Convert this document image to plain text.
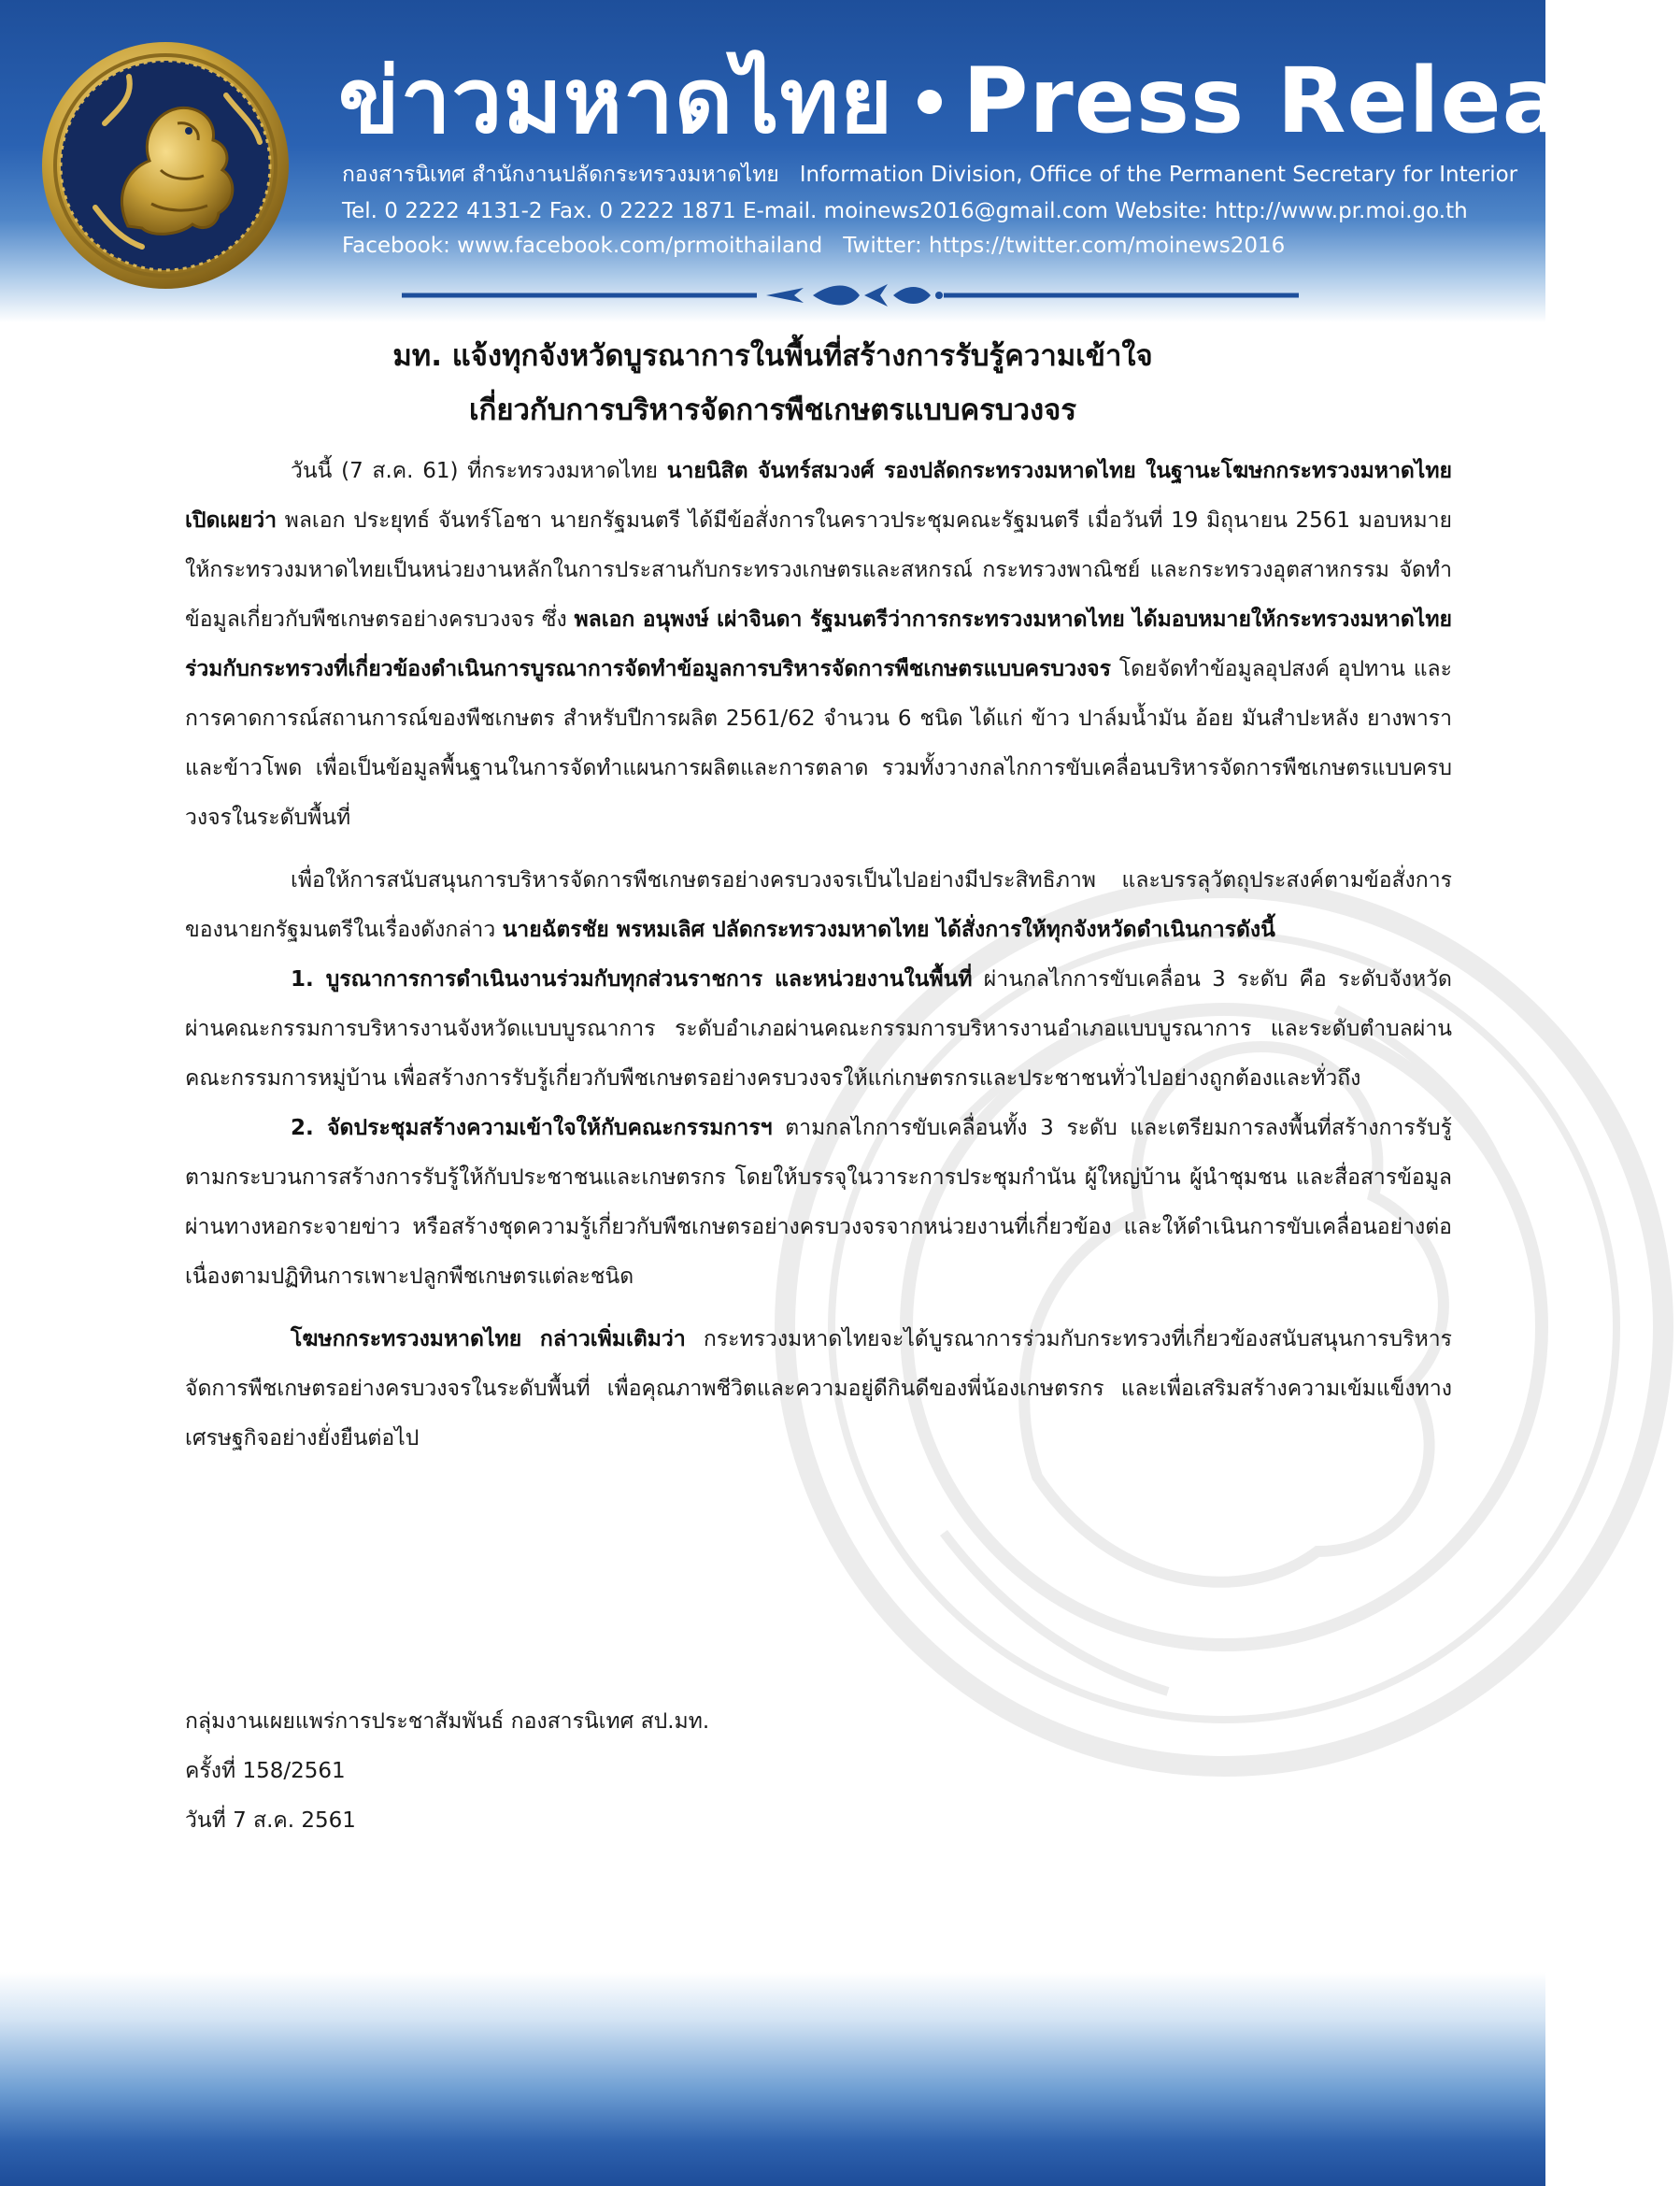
ข่าวมหาดไทย Press Release
กองสารนิเทศ สำนักงานปลัดกระทรวงมหาดไทย Information Division, Office of the Permanent Secretary for Interior
Tel. 0 2222 4131-2 Fax. 0 2222 1871 E-mail. moinews2016@gmail.com Website: http://www.pr.moi.go.th
Facebook: www.facebook.com/prmoithailand Twitter: https://twitter.com/moinews2016
มท. แจ้งทุกจังหวัดบูรณาการในพื้นที่สร้างการรับรู้ความเข้าใจ
เกี่ยวกับการบริหารจัดการพืชเกษตรแบบครบวงจร

วันนี้ (7 ส.ค. 61) ที่กระทรวงมหาดไทย นายนิสิต จันทร์สมวงศ์ รองปลัดกระทรวงมหาดไทย ในฐานะโฆษกกระทรวงมหาดไทย เปิดเผยว่า พลเอก ประยุทธ์ จันทร์โอชา นายกรัฐมนตรี ได้มีข้อสั่งการในคราวประชุมคณะรัฐมนตรี เมื่อวันที่ 19 มิถุนายน 2561 มอบหมายให้กระทรวงมหาดไทยเป็นหน่วยงานหลักในการประสานกับกระทรวงเกษตรและสหกรณ์ กระทรวงพาณิชย์ และกระทรวงอุตสาหกรรม จัดทำข้อมูลเกี่ยวกับพืชเกษตรอย่างครบวงจร ซึ่ง พลเอก อนุพงษ์ เผ่าจินดา รัฐมนตรีว่าการกระทรวงมหาดไทย ได้มอบหมายให้กระทรวงมหาดไทยร่วมกับกระทรวงที่เกี่ยวข้องดำเนินการบูรณาการจัดทำข้อมูลการบริหารจัดการพืชเกษตรแบบครบวงจร โดยจัดทำข้อมูลอุปสงค์ อุปทาน และการคาดการณ์สถานการณ์ของพืชเกษตร สำหรับปีการผลิต 2561/62 จำนวน 6 ชนิด ได้แก่ ข้าว ปาล์มน้ำมัน อ้อย มันสำปะหลัง ยางพารา และข้าวโพด เพื่อเป็นข้อมูลพื้นฐานในการจัดทำแผนการผลิตและการตลาด รวมทั้งวางกลไกการขับเคลื่อนบริหารจัดการพืชเกษตรแบบครบวงจรในระดับพื้นที่

เพื่อให้การสนับสนุนการบริหารจัดการพืชเกษตรอย่างครบวงจรเป็นไปอย่างมีประสิทธิภาพ และบรรลุวัตถุประสงค์ตามข้อสั่งการของนายกรัฐมนตรีในเรื่องดังกล่าว นายฉัตรชัย พรหมเลิศ ปลัดกระทรวงมหาดไทย ได้สั่งการให้ทุกจังหวัดดำเนินการดังนี้

1. บูรณาการการดำเนินงานร่วมกับทุกส่วนราชการ และหน่วยงานในพื้นที่ ผ่านกลไกการขับเคลื่อน 3 ระดับ คือ ระดับจังหวัดผ่านคณะกรรมการบริหารงานจังหวัดแบบบูรณาการ ระดับอำเภอผ่านคณะกรรมการบริหารงานอำเภอแบบบูรณาการ และระดับตำบลผ่านคณะกรรมการหมู่บ้าน เพื่อสร้างการรับรู้เกี่ยวกับพืชเกษตรอย่างครบวงจรให้แก่เกษตรกรและประชาชนทั่วไปอย่างถูกต้องและทั่วถึง

2. จัดประชุมสร้างความเข้าใจให้กับคณะกรรมการฯ ตามกลไกการขับเคลื่อนทั้ง 3 ระดับ และเตรียมการลงพื้นที่สร้างการรับรู้ตามกระบวนการสร้างการรับรู้ให้กับประชาชนและเกษตรกร โดยให้บรรจุในวาระการประชุมกำนัน ผู้ใหญ่บ้าน ผู้นำชุมชน และสื่อสารข้อมูลผ่านทางหอกระจายข่าว หรือสร้างชุดความรู้เกี่ยวกับพืชเกษตรอย่างครบวงจรจากหน่วยงานที่เกี่ยวข้อง และให้ดำเนินการขับเคลื่อนอย่างต่อเนื่องตามปฏิทินการเพาะปลูกพืชเกษตรแต่ละชนิด

โฆษกกระทรวงมหาดไทย กล่าวเพิ่มเติมว่า กระทรวงมหาดไทยจะได้บูรณาการร่วมกับกระทรวงที่เกี่ยวข้องสนับสนุนการบริหารจัดการพืชเกษตรอย่างครบวงจรในระดับพื้นที่ เพื่อคุณภาพชีวิตและความอยู่ดีกินดีของพี่น้องเกษตรกร และเพื่อเสริมสร้างความเข้มแข็งทางเศรษฐกิจอย่างยั่งยืนต่อไป

กลุ่มงานเผยแพร่การประชาสัมพันธ์ กองสารนิเทศ สป.มท.
ครั้งที่ 158/2561
วันที่ 7 ส.ค. 2561
